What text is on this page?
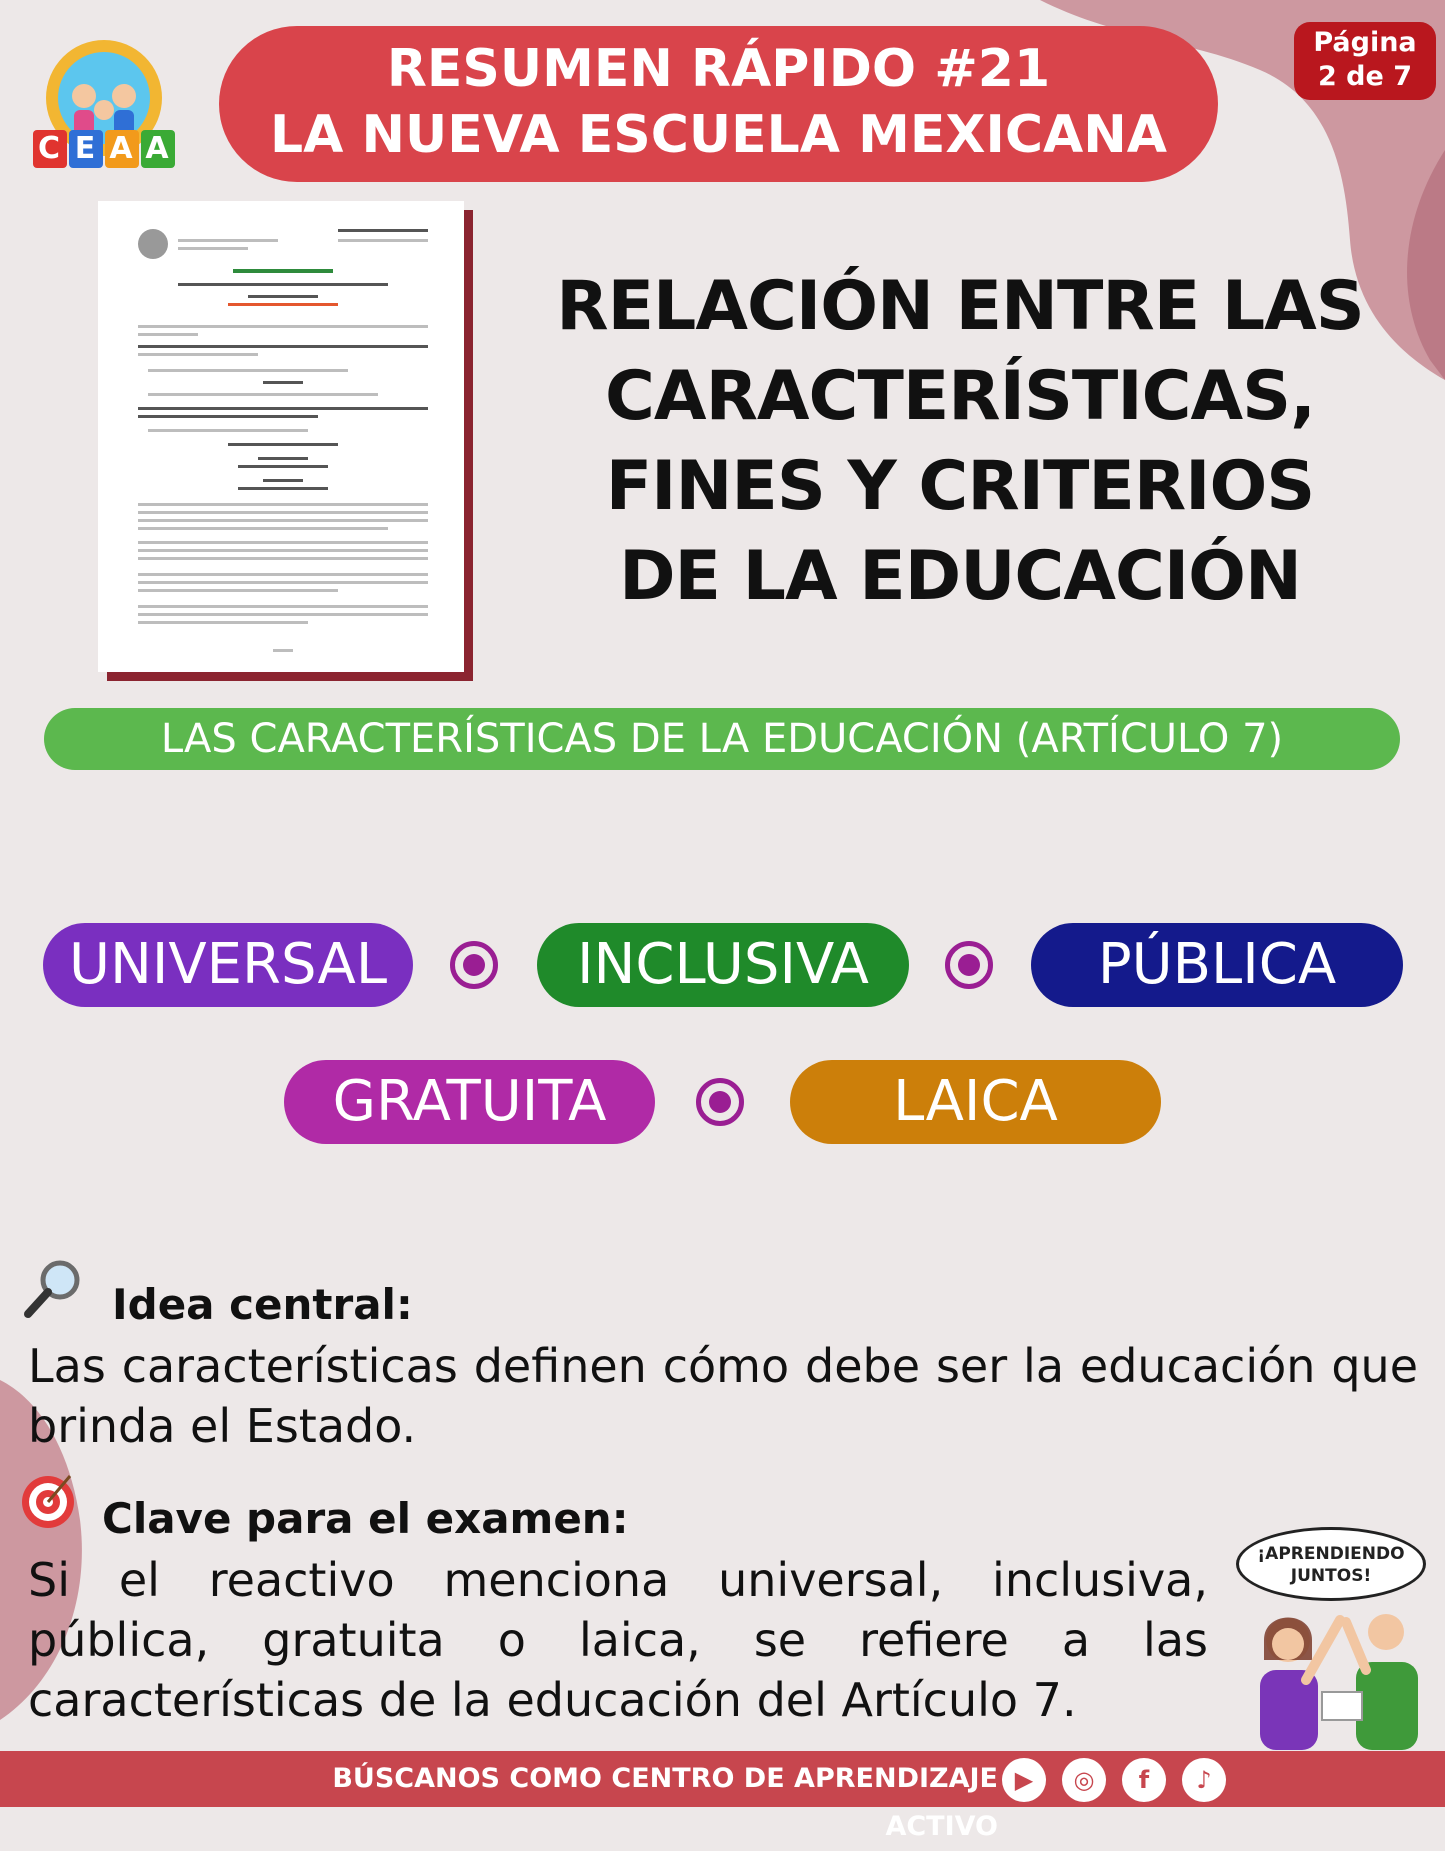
C E A A
RESUMEN RÁPIDO #21
LA NUEVA ESCUELA MEXICANA
Página
2 de 7
RELACIÓN ENTRE LAS
CARACTERÍSTICAS,
FINES Y CRITERIOS
DE LA EDUCACIÓN
LAS CARACTERÍSTICAS DE LA EDUCACIÓN (ARTÍCULO 7)
UNIVERSAL	INCLUSIVA	PÚBLICA
GRATUITA	LAICA
Idea central:
Las características definen cómo debe ser la educación que brinda el Estado.
Clave para el examen:
Si el reactivo menciona universal, inclusiva, pública, gratuita o laica, se refiere a las características de la educación del Artículo 7.
¡APRENDIENDO
JUNTOS!
BÚSCANOS COMO CENTRO DE APRENDIZAJE ACTIVO
▶	◎	f	♪
